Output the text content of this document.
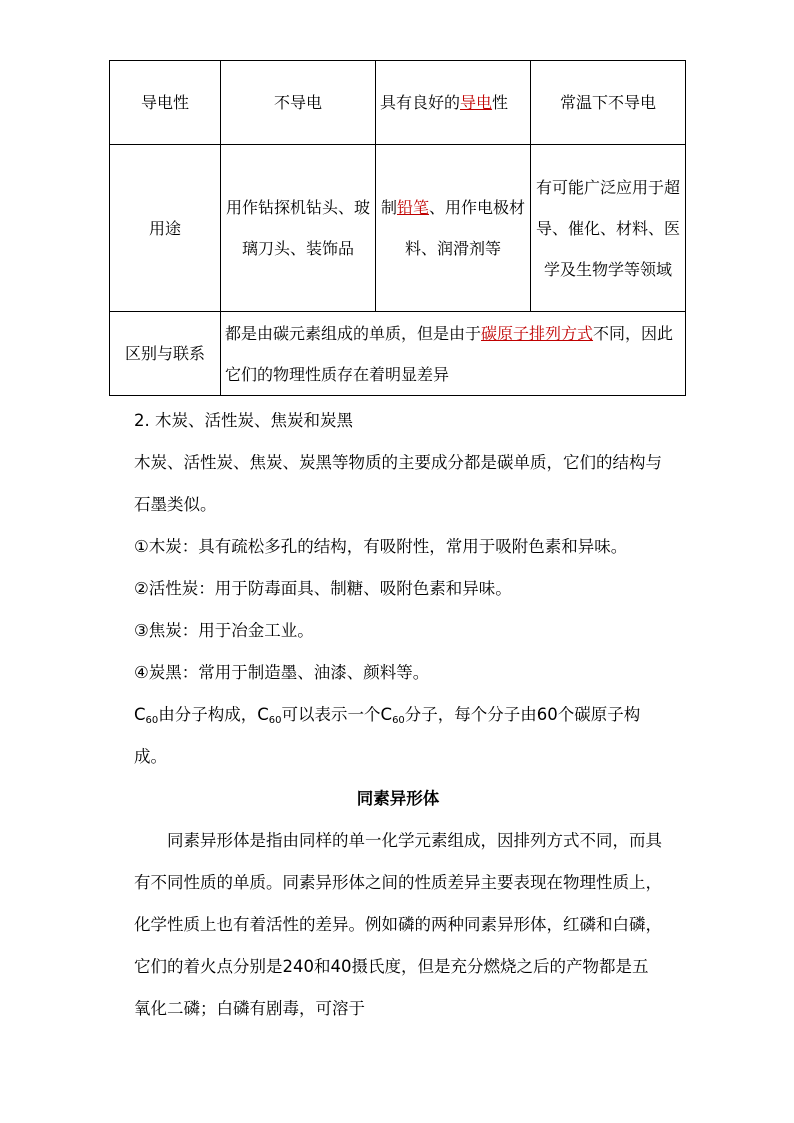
导电性	不导电	具有良好的导电性	常温下不导电
用途	用作钻探机钻头、玻璃刀头、装饰品	制铅笔、用作电极材料、润滑剂等	有可能广泛应用于超导、催化、材料、医学及生物学等领域
区别与联系	都是由碳元素组成的单质，但是由于碳原子排列方式不同，因此它们的物理性质存在着明显差异		

2. 木炭、活性炭、焦炭和炭黑

木炭、活性炭、焦炭、炭黑等物质的主要成分都是碳单质，它们的结构与石墨类似。

①木炭：具有疏松多孔的结构，有吸附性，常用于吸附色素和异味。

②活性炭：用于防毒面具、制糖、吸附色素和异味。

③焦炭：用于冶金工业。

④炭黑：常用于制造墨、油漆、颜料等。

$C_{60}$由分子构成，$C_{60}$可以表示一个$C_{60}$分子，每个分子由60个碳原子构成。

同素异形体

同素异形体是指由同样的单一化学元素组成，因排列方式不同，而具有不同性质的单质。同素异形体之间的性质差异主要表现在物理性质上，化学性质上也有着活性的差异。例如磷的两种同素异形体，红磷和白磷，它们的着火点分别是240和40摄氏度，但是充分燃烧之后的产物都是五氧化二磷；白磷有剧毒，可溶于
